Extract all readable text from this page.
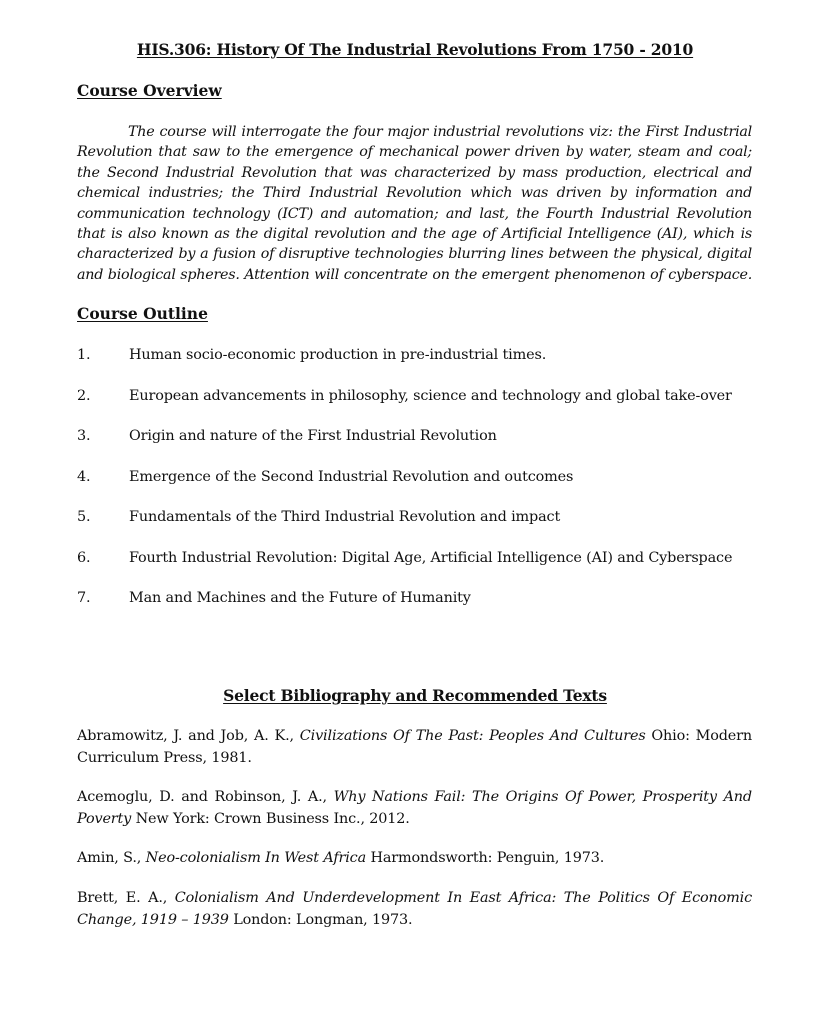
HIS.306: History Of The Industrial Revolutions From 1750 - 2010
Course Overview
The course will interrogate the four major industrial revolutions viz: the First Industrial
Revolution that saw to the emergence of mechanical power driven by water, steam and coal;
the Second Industrial Revolution that was characterized by mass production, electrical and
chemical industries; the Third Industrial Revolution which was driven by information and
communication technology (ICT) and automation; and last, the Fourth Industrial Revolution
that is also known as the digital revolution and the age of Artificial Intelligence (AI), which is
characterized by a fusion of disruptive technologies blurring lines between the physical, digital
and biological spheres. Attention will concentrate on the emergent phenomenon of cyberspace.
Course Outline
1.	Human socio-economic production in pre-industrial times.
2.	European advancements in philosophy, science and technology and global take-over
3.	Origin and nature of the First Industrial Revolution
4.	Emergence of the Second Industrial Revolution and outcomes
5.	Fundamentals of the Third Industrial Revolution and impact
6.	Fourth Industrial Revolution: Digital Age, Artificial Intelligence (AI) and Cyberspace
7.	Man and Machines and the Future of Humanity
Select Bibliography and Recommended Texts
Abramowitz, J. and Job, A. K., Civilizations Of The Past: Peoples And Cultures Ohio: Modern
Curriculum Press, 1981.
Acemoglu, D. and Robinson, J. A., Why Nations Fail: The Origins Of Power, Prosperity And
Poverty New York: Crown Business Inc., 2012.
Amin, S., Neo-colonialism In West Africa Harmondsworth: Penguin, 1973.
Brett, E. A., Colonialism And Underdevelopment In East Africa: The Politics Of Economic
Change, 1919 – 1939 London: Longman, 1973.
